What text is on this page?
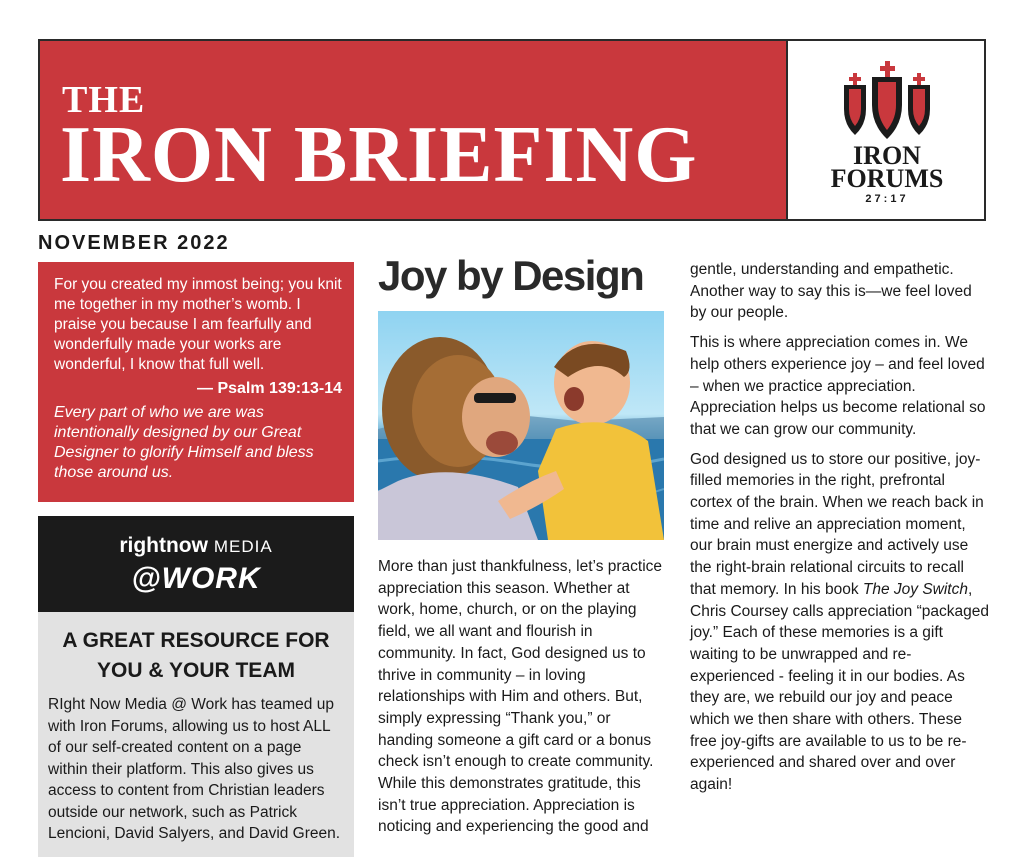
THE
IRON BRIEFING	IRON

FORUMS

27:17

NOVEMBER 2022

For you created my inmost being; you knit me together in my mother’s womb. I praise you because I am fearfully and wonderfully made your works are wonderful, I know that full well.

— Psalm 139:13-14

Every part of who we are was intentionally designed by our Great Designer to glorify Himself and bless those around us.

rightnow MEDIA
@WORK
A GREAT RESOURCE FOR YOU & YOUR TEAM

RIght Now Media @ Work has teamed up with Iron Forums, allowing us to host ALL of our self-created content on a page within their platform. This also gives us access to content from Christian leaders outside our network, such as Patrick Lencioni, David Salyers, and David Green.

Joy by Design

More than just thankfulness, let’s practice appreciation this season. Whether at work, home, church, or on the playing field, we all want and flourish in community. In fact, God designed us to thrive in community – in loving relationships with Him and others. But, simply expressing “Thank you,” or handing someone a gift card or a bonus check isn’t enough to create community. While this demonstrates gratitude, this isn’t true appreciation. Appreciation is noticing and experiencing the good and

gentle, understanding and empathetic. Another way to say this is—we feel loved by our people.

This is where appreciation comes in. We help others experience joy – and feel loved – when we practice appreciation. Appreciation helps us become relational so that we can grow our community.

God designed us to store our positive, joy-filled memories in the right, prefrontal cortex of the brain. When we reach back in time and relive an appreciation moment, our brain must energize and actively use the right-brain relational circuits to recall that memory. In his book The Joy Switch, Chris Coursey calls appreciation “packaged joy.” Each of these memories is a gift waiting to be unwrapped and re-experienced - feeling it in our bodies. As they are, we rebuild our joy and peace which we then share with others. These free joy-gifts are available to us to be re-experienced and shared over and over again!
